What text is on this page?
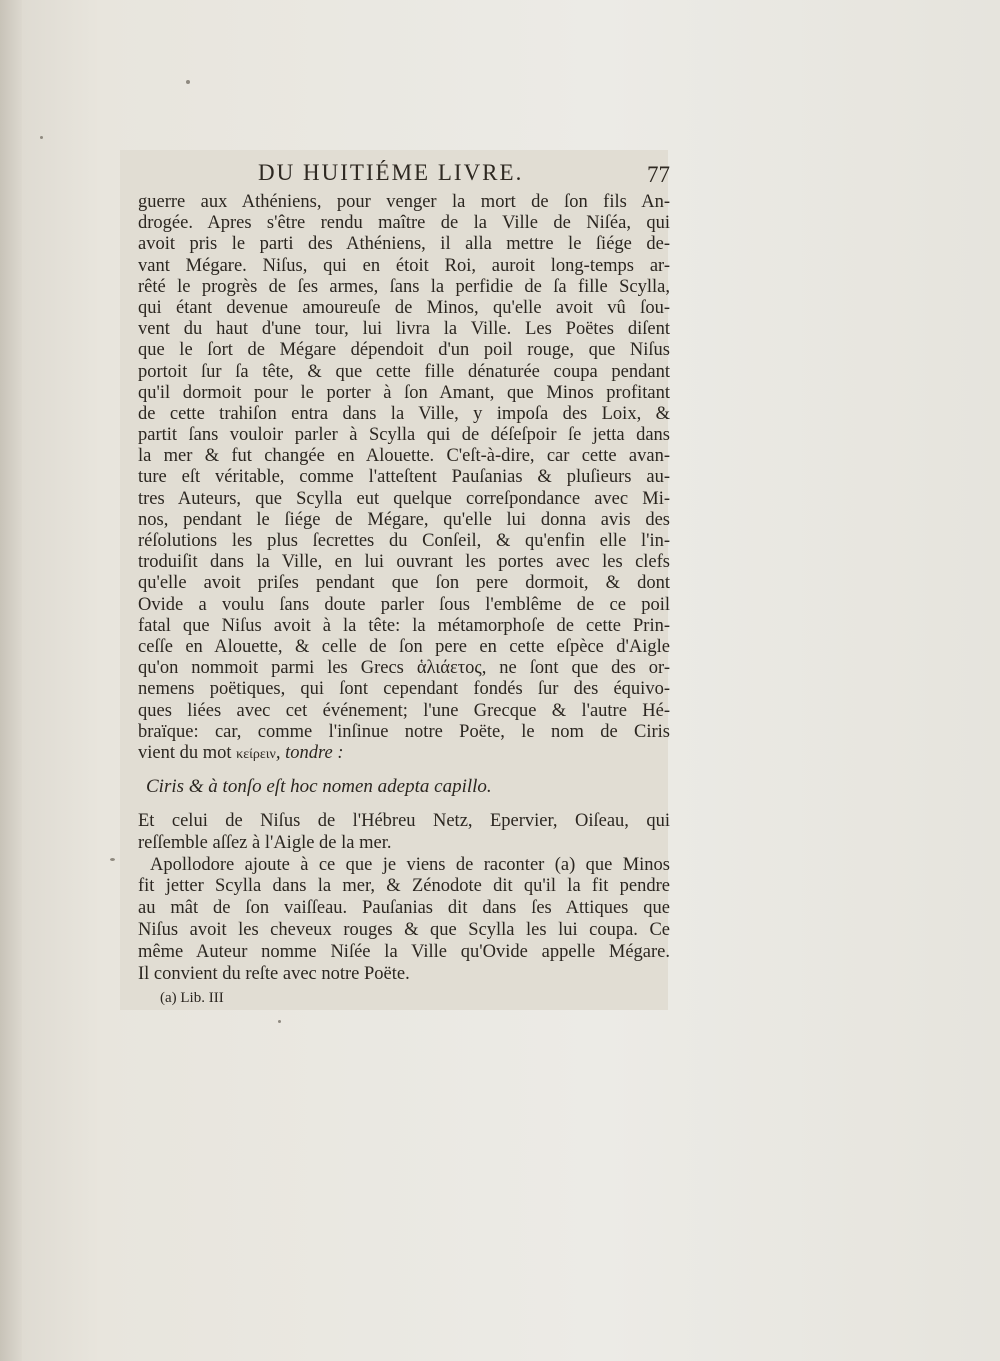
DU HUITIÉME LIVRE.	77
guerre aux Athéniens, pour venger la mort de ſon fils An-
drogée. Apres s'être rendu maître de la Ville de Niſéa, qui
avoit pris le parti des Athéniens, il alla mettre le ſiége de-
vant Mégare. Niſus, qui en étoit Roi, auroit long-temps ar-
rêté le progrès de ſes armes, ſans la perfidie de ſa fille Scylla,
qui étant devenue amoureuſe de Minos, qu'elle avoit vû ſou-
vent du haut d'une tour, lui livra la Ville. Les Poëtes diſent
que le ſort de Mégare dépendoit d'un poil rouge, que Niſus
portoit ſur ſa tête, & que cette fille dénaturée coupa pendant
qu'il dormoit pour le porter à ſon Amant, que Minos profitant
de cette trahiſon entra dans la Ville, y impoſa des Loix, &
partit ſans vouloir parler à Scylla qui de déſeſpoir ſe jetta dans
la mer & fut changée en Alouette. C'eſt-à-dire, car cette avan-
ture eſt véritable, comme l'atteſtent Pauſanias & pluſieurs au-
tres Auteurs, que Scylla eut quelque correſpondance avec Mi-
nos, pendant le ſiége de Mégare, qu'elle lui donna avis des
réſolutions les plus ſecrettes du Conſeil, & qu'enfin elle l'in-
troduiſit dans la Ville, en lui ouvrant les portes avec les clefs
qu'elle avoit priſes pendant que ſon pere dormoit, & dont
Ovide a voulu ſans doute parler ſous l'emblême de ce poil
fatal que Niſus avoit à la tête: la métamorphoſe de cette Prin-
ceſſe en Alouette, & celle de ſon pere en cette eſpèce d'Aigle
qu'on nommoit parmi les Grecs ἁλιάετος, ne ſont que des or-
nemens poëtiques, qui ſont cependant fondés ſur des équivo-
ques liées avec cet événement; l'une Grecque & l'autre Hé-
braïque: car, comme l'inſinue notre Poëte, le nom de Ciris
vient du mot κείρειν, tondre :
Ciris & à tonſo eſt hoc nomen adepta capillo.
Et celui de Niſus de l'Hébreu Netz, Epervier, Oiſeau, qui
reſſemble aſſez à l'Aigle de la mer.
Apollodore ajoute à ce que je viens de raconter (a) que Minos
fit jetter Scylla dans la mer, & Zénodote dit qu'il la fit pendre
au mât de ſon vaiſſeau. Pauſanias dit dans ſes Attiques que
Niſus avoit les cheveux rouges & que Scylla les lui coupa. Ce
même Auteur nomme Niſée la Ville qu'Ovide appelle Mégare.
Il convient du reſte avec notre Poëte.
(a) Lib. III
